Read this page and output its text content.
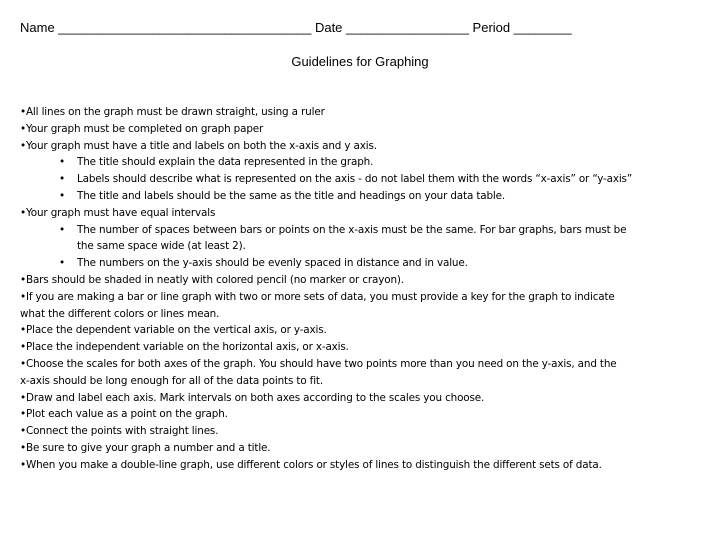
Name ___________________________________ Date _________________ Period ________
Guidelines for Graphing
•All lines on the graph must be drawn straight, using a ruler
•Your graph must be completed on graph paper
•Your graph must have a title and labels on both the x-axis and y axis.
• The title should explain the data represented in the graph.
• Labels should describe what is represented on the axis - do not label them with the words “x-axis” or “y-axis”
• The title and labels should be the same as the title and headings on your data table.
•Your graph must have equal intervals
• The number of spaces between bars or points on the x-axis must be the same. For bar graphs, bars must be
the same space wide (at least 2).
• The numbers on the y-axis should be evenly spaced in distance and in value.
•Bars should be shaded in neatly with colored pencil (no marker or crayon).
•If you are making a bar or line graph with two or more sets of data, you must provide a key for the graph to indicate
what the different colors or lines mean.
•Place the dependent variable on the vertical axis, or y-axis.
•Place the independent variable on the horizontal axis, or x-axis.
•Choose the scales for both axes of the graph. You should have two points more than you need on the y-axis, and the
x-axis should be long enough for all of the data points to fit.
•Draw and label each axis. Mark intervals on both axes according to the scales you choose.
•Plot each value as a point on the graph.
•Connect the points with straight lines.
•Be sure to give your graph a number and a title.
•When you make a double-line graph, use different colors or styles of lines to distinguish the different sets of data.
